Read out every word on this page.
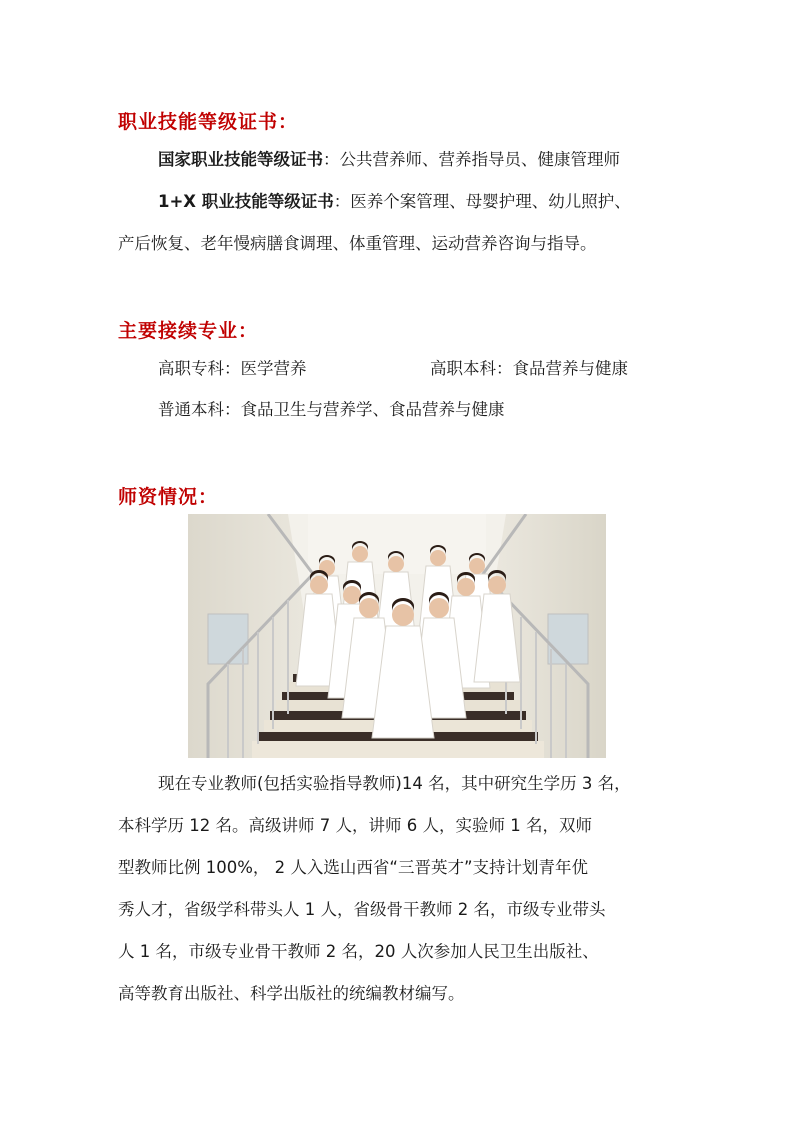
职业技能等级证书：
国家职业技能等级证书：公共营养师、营养指导员、健康管理师
1+X 职业技能等级证书：医养个案管理、母婴护理、幼儿照护、
产后恢复、老年慢病膳食调理、体重管理、运动营养咨询与指导。
主要接续专业：
高职专科：医学营养	高职本科：食品营养与健康
普通本科：食品卫生与营养学、食品营养与健康
师资情况：
现在专业教师(包括实验指导教师)14 名，其中研究生学历 3 名，
本科学历 12 名。高级讲师 7 人，讲师 6 人，实验师 1 名，双师
型教师比例 100%， 2 人入选山西省“三晋英才”支持计划青年优
秀人才，省级学科带头人 1 人，省级骨干教师 2 名，市级专业带头
人 1 名，市级专业骨干教师 2 名，20 人次参加人民卫生出版社、
高等教育出版社、科学出版社的统编教材编写。
